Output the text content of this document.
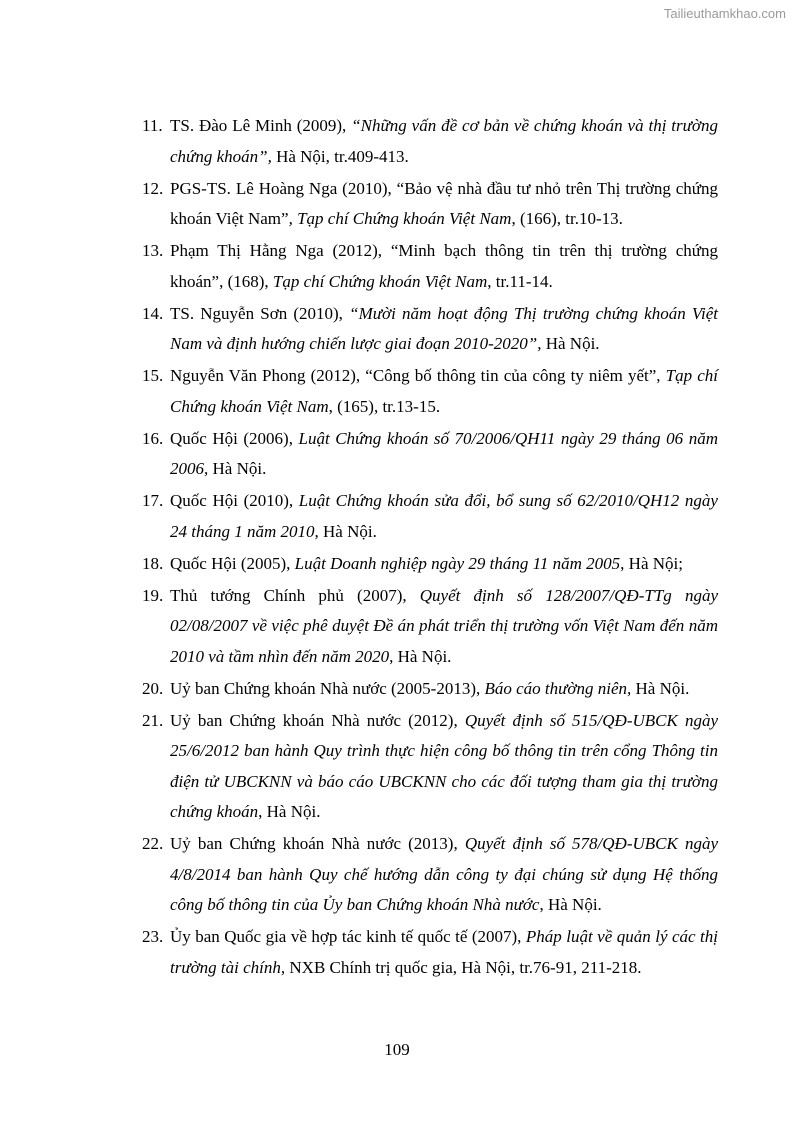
Tailieuthamkhao.com
11. TS. Đào Lê Minh (2009), “Những vấn đề cơ bản về chứng khoán và thị trường chứng khoán”, Hà Nội, tr.409-413.
12. PGS-TS. Lê Hoàng Nga (2010), “Bảo vệ nhà đầu tư nhỏ trên Thị trường chứng khoán Việt Nam”, Tạp chí Chứng khoán Việt Nam, (166), tr.10-13.
13. Phạm Thị Hằng Nga (2012), “Minh bạch thông tin trên thị trường chứng khoán”, (168), Tạp chí Chứng khoán Việt Nam, tr.11-14.
14. TS. Nguyễn Sơn (2010), “Mười năm hoạt động Thị trường chứng khoán Việt Nam và định hướng chiến lược giai đoạn 2010-2020”, Hà Nội.
15. Nguyễn Văn Phong (2012), “Công bố thông tin của công ty niêm yết”, Tạp chí Chứng khoán Việt Nam, (165), tr.13-15.
16. Quốc Hội (2006), Luật Chứng khoán số 70/2006/QH11 ngày 29 tháng 06 năm 2006, Hà Nội.
17. Quốc Hội (2010), Luật Chứng khoán sửa đổi, bổ sung số 62/2010/QH12 ngày 24 tháng 1 năm 2010, Hà Nội.
18. Quốc Hội (2005), Luật Doanh nghiệp ngày 29 tháng 11 năm 2005, Hà Nội;
19. Thủ tướng Chính phủ (2007), Quyết định số 128/2007/QĐ-TTg ngày 02/08/2007 về việc phê duyệt Đề án phát triển thị trường vốn Việt Nam đến năm 2010 và tầm nhìn đến năm 2020, Hà Nội.
20. Uỷ ban Chứng khoán Nhà nước (2005-2013), Báo cáo thường niên, Hà Nội.
21. Uỷ ban Chứng khoán Nhà nước (2012), Quyết định số 515/QĐ-UBCK ngày 25/6/2012 ban hành Quy trình thực hiện công bố thông tin trên cổng Thông tin điện tử UBCKNN và báo cáo UBCKNN cho các đối tượng tham gia thị trường chứng khoán, Hà Nội.
22. Uỷ ban Chứng khoán Nhà nước (2013), Quyết định số 578/QĐ-UBCK ngày 4/8/2014 ban hành Quy chế hướng dẫn công ty đại chúng sử dụng Hệ thống công bố thông tin của Ủy ban Chứng khoán Nhà nước, Hà Nội.
23. Ủy ban Quốc gia về hợp tác kinh tế quốc tế (2007), Pháp luật về quản lý các thị trường tài chính, NXB Chính trị quốc gia, Hà Nội, tr.76-91, 211-218.
109
